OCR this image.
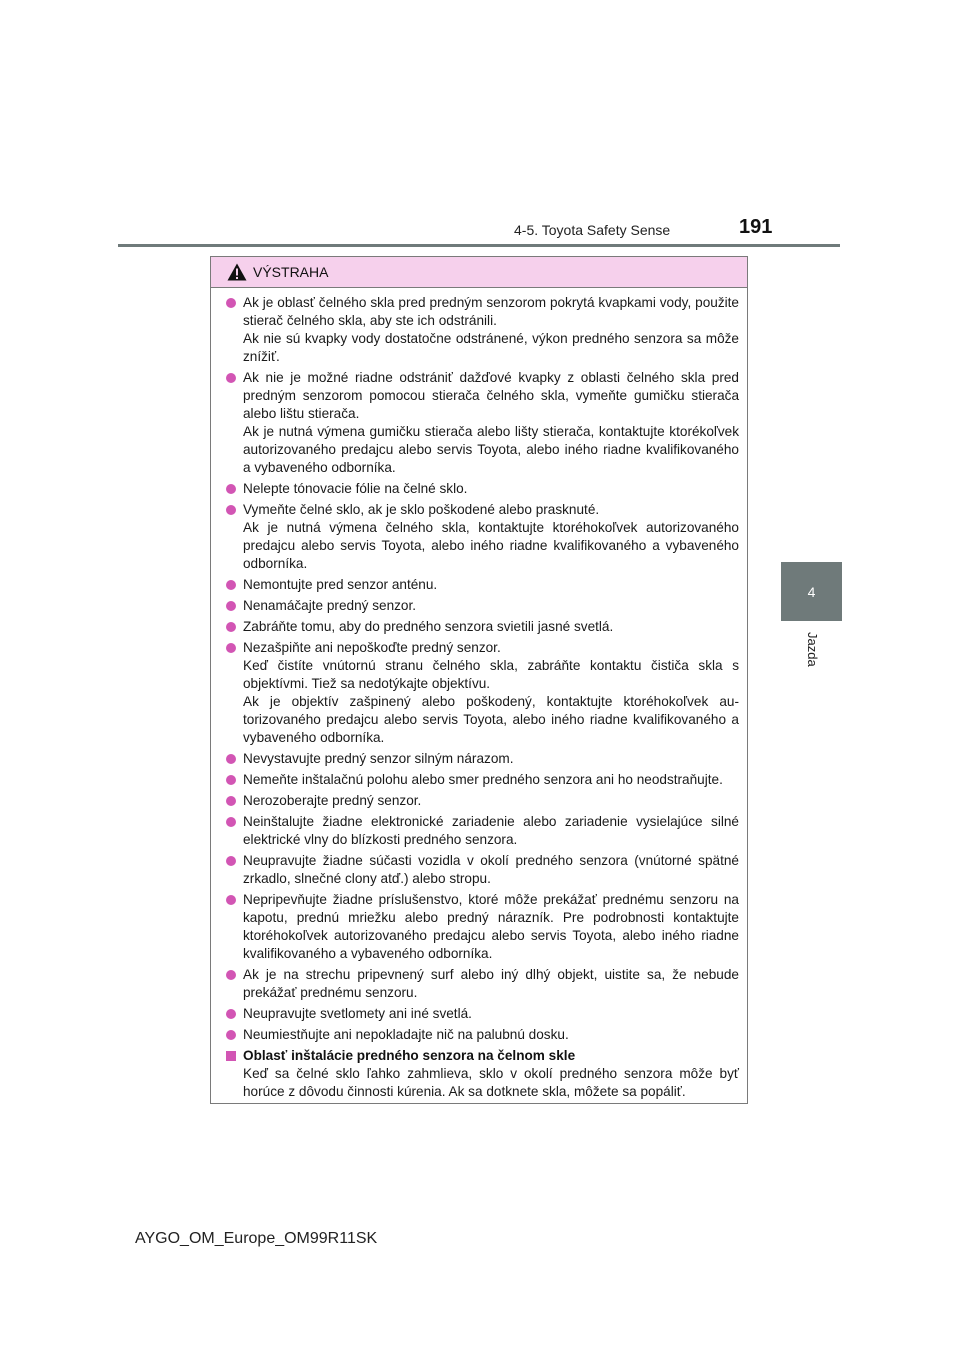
4-5. Toyota Safety Sense	191
4
Jazda
VÝSTRAHA

Ak je oblasť čelného skla pred predným senzorom pokrytá kvapkami vody, použite stierač čelného skla, aby ste ich odstránili.

Ak nie sú kvapky vody dostatočne odstránené, výkon predného senzora sa môže znížiť.

Ak nie je možné riadne odstrániť dažďové kvapky z oblasti čelného skla pred predným senzorom pomocou stierača čelného skla, vymeňte gumičku stierača alebo lištu stierača.

Ak je nutná výmena gumičku stierača alebo lišty stierača, kontaktujte ktorékoľvek autorizovaného predajcu alebo servis Toyota, alebo iného riadne kvalifikovaného a vybaveného odborníka.

Nelepte tónovacie fólie na čelné sklo.

Vymeňte čelné sklo, ak je sklo poškodené alebo prasknuté.

Ak je nutná výmena čelného skla, kontaktujte ktoréhokoľvek autorizovaného predajcu alebo servis Toyota, alebo iného riadne kvalifikovaného a vybaveného odborníka.

Nemontujte pred senzor anténu.

Nenamáčajte predný senzor.

Zabráňte tomu, aby do predného senzora svietili jasné svetlá.

Nezašpiňte ani nepoškoďte predný senzor.

Keď čistíte vnútornú stranu čelného skla, zabráňte kontaktu čističa skla s objektívmi. Tiež sa nedotýkajte objektívu.

Ak je objektív zašpinený alebo poškodený, kontaktujte ktoréhokoľvek autorizovaného predajcu alebo servis Toyota, alebo iného riadne kvalifikovaného a vybaveného odborníka.

Nevystavujte predný senzor silným nárazom.

Nemeňte inštalačnú polohu alebo smer predného senzora ani ho neodstraňujte.

Nerozoberajte predný senzor.

Neinštalujte žiadne elektronické zariadenie alebo zariadenie vysielajúce silné elektrické vlny do blízkosti predného senzora.

Neupravujte žiadne súčasti vozidla v okolí predného senzora (vnútorné spätné zrkadlo, slnečné clony atď.) alebo stropu.

Nepripevňujte žiadne príslušenstvo, ktoré môže prekážať prednému senzoru na kapotu, prednú mriežku alebo predný nárazník. Pre podrobnosti kontaktujte ktoréhokoľvek autorizovaného predajcu alebo servis Toyota, alebo iného riadne kvalifikovaného a vybaveného odborníka.

Ak je na strechu pripevnený surf alebo iný dlhý objekt, uistite sa, že nebude prekážať prednému senzoru.

Neupravujte svetlomety ani iné svetlá.

Neumiestňujte ani nepokladajte nič na palubnú dosku.

Oblasť inštalácie predného senzora na čelnom skle

Keď sa čelné sklo ľahko zahmlieva, sklo v okolí predného senzora môže byť horúce z dôvodu činnosti kúrenia. Ak sa dotknete skla, môžete sa popáliť.

AYGO_OM_Europe_OM99R11SK
